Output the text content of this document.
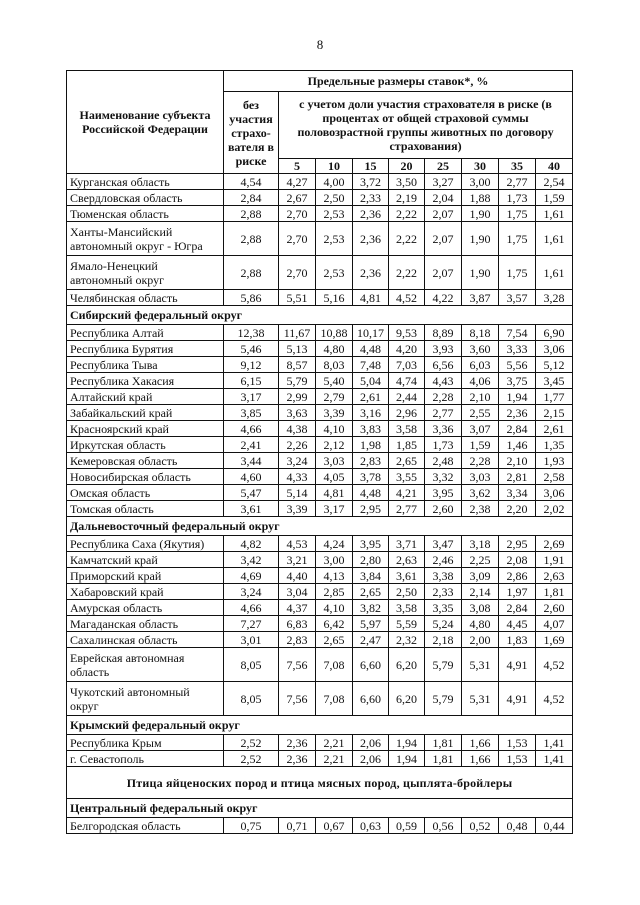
8
Наименование субъекта Российской Федерации	Предельные размеры ставок*, %								
	без участия страхо-вателя в риске	с учетом доли участия страхователя в риске (в процентах от общей страховой суммы половозрастной группы животных по договору страхования)							
		5	10	15	20	25	30	35	40
Курганская область	4,54	4,27	4,00	3,72	3,50	3,27	3,00	2,77	2,54
Свердловская область	2,84	2,67	2,50	2,33	2,19	2,04	1,88	1,73	1,59
Тюменская область	2,88	2,70	2,53	2,36	2,22	2,07	1,90	1,75	1,61
Ханты-Мансийский автономный округ - Югра	2,88	2,70	2,53	2,36	2,22	2,07	1,90	1,75	1,61
Ямало-Ненецкий автономный округ	2,88	2,70	2,53	2,36	2,22	2,07	1,90	1,75	1,61
Челябинская область	5,86	5,51	5,16	4,81	4,52	4,22	3,87	3,57	3,28
Сибирский федеральный округ									
Республика Алтай	12,38	11,67	10,88	10,17	9,53	8,89	8,18	7,54	6,90
Республика Бурятия	5,46	5,13	4,80	4,48	4,20	3,93	3,60	3,33	3,06
Республика Тыва	9,12	8,57	8,03	7,48	7,03	6,56	6,03	5,56	5,12
Республика Хакасия	6,15	5,79	5,40	5,04	4,74	4,43	4,06	3,75	3,45
Алтайский край	3,17	2,99	2,79	2,61	2,44	2,28	2,10	1,94	1,77
Забайкальский край	3,85	3,63	3,39	3,16	2,96	2,77	2,55	2,36	2,15
Красноярский край	4,66	4,38	4,10	3,83	3,58	3,36	3,07	2,84	2,61
Иркутская область	2,41	2,26	2,12	1,98	1,85	1,73	1,59	1,46	1,35
Кемеровская область	3,44	3,24	3,03	2,83	2,65	2,48	2,28	2,10	1,93
Новосибирская область	4,60	4,33	4,05	3,78	3,55	3,32	3,03	2,81	2,58
Омская область	5,47	5,14	4,81	4,48	4,21	3,95	3,62	3,34	3,06
Томская область	3,61	3,39	3,17	2,95	2,77	2,60	2,38	2,20	2,02
Дальневосточный федеральный округ									
Республика Саха (Якутия)	4,82	4,53	4,24	3,95	3,71	3,47	3,18	2,95	2,69
Камчатский край	3,42	3,21	3,00	2,80	2,63	2,46	2,25	2,08	1,91
Приморский край	4,69	4,40	4,13	3,84	3,61	3,38	3,09	2,86	2,63
Хабаровский край	3,24	3,04	2,85	2,65	2,50	2,33	2,14	1,97	1,81
Амурская область	4,66	4,37	4,10	3,82	3,58	3,35	3,08	2,84	2,60
Магаданская область	7,27	6,83	6,42	5,97	5,59	5,24	4,80	4,45	4,07
Сахалинская область	3,01	2,83	2,65	2,47	2,32	2,18	2,00	1,83	1,69
Еврейская автономная область	8,05	7,56	7,08	6,60	6,20	5,79	5,31	4,91	4,52
Чукотский автономный округ	8,05	7,56	7,08	6,60	6,20	5,79	5,31	4,91	4,52
Крымский федеральный округ									
Республика Крым	2,52	2,36	2,21	2,06	1,94	1,81	1,66	1,53	1,41
г. Севастополь	2,52	2,36	2,21	2,06	1,94	1,81	1,66	1,53	1,41
Птица яйценоских пород и птица мясных пород, цыплята-бройлеры									
Центральный федеральный округ									
Белгородская область	0,75	0,71	0,67	0,63	0,59	0,56	0,52	0,48	0,44
